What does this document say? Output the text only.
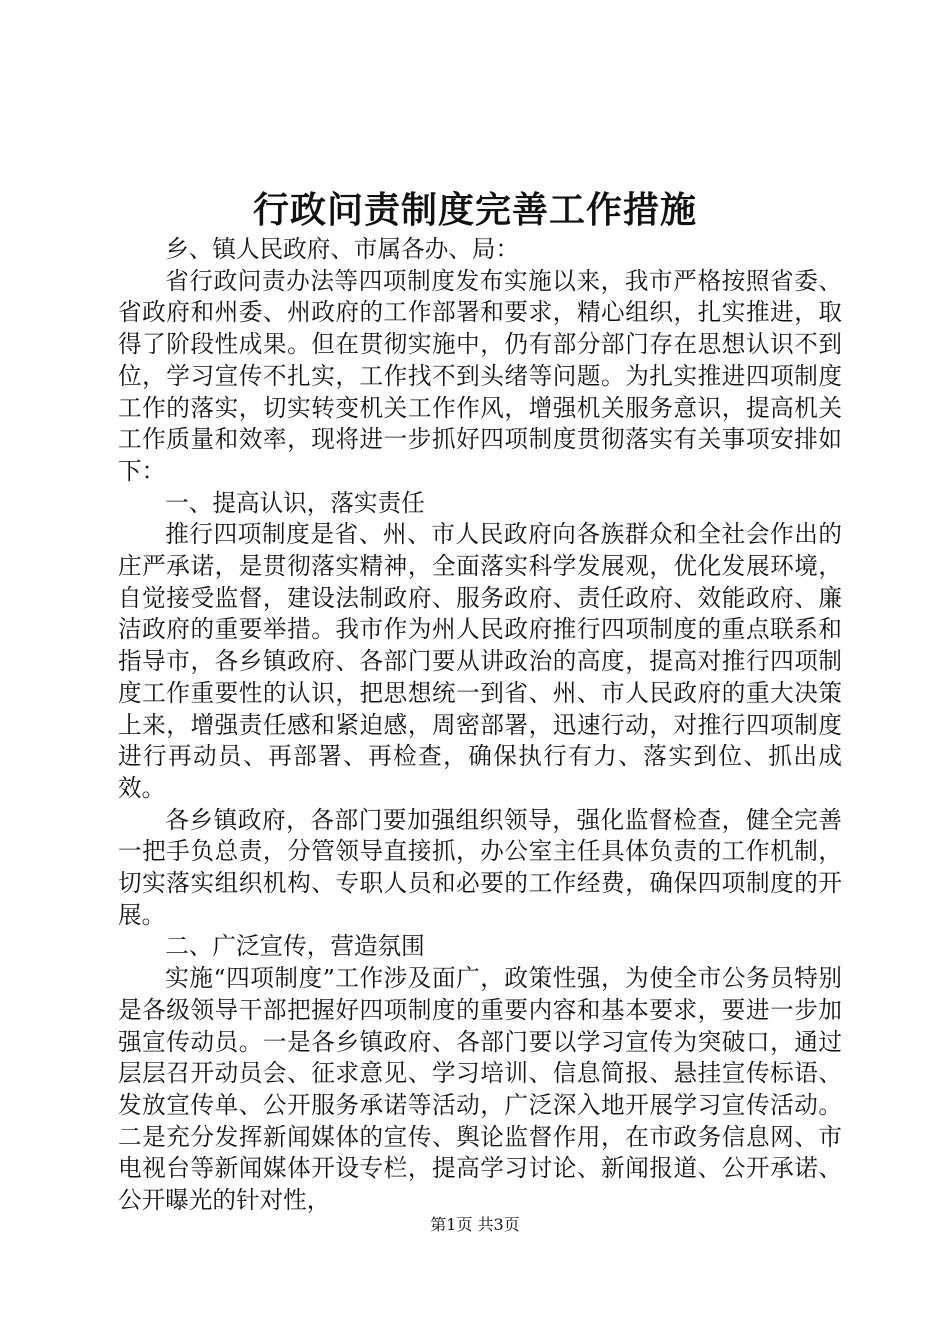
行政问责制度完善工作措施

乡、镇人民政府、市属各办、局：

省行政问责办法等四项制度发布实施以来，我市严格按照省委、省政府和州委、州政府的工作部署和要求，精心组织，扎实推进，取得了阶段性成果。但在贯彻实施中，仍有部分部门存在思想认识不到位，学习宣传不扎实，工作找不到头绪等问题。为扎实推进四项制度工作的落实，切实转变机关工作作风，增强机关服务意识，提高机关工作质量和效率，现将进一步抓好四项制度贯彻落实有关事项安排如下：

一、提高认识，落实责任

推行四项制度是省、州、市人民政府向各族群众和全社会作出的庄严承诺，是贯彻落实精神，全面落实科学发展观，优化发展环境，自觉接受监督，建设法制政府、服务政府、责任政府、效能政府、廉洁政府的重要举措。我市作为州人民政府推行四项制度的重点联系和指导市，各乡镇政府、各部门要从讲政治的高度，提高对推行四项制度工作重要性的认识，把思想统一到省、州、市人民政府的重大决策上来，增强责任感和紧迫感，周密部署，迅速行动，对推行四项制度进行再动员、再部署、再检查，确保执行有力、落实到位、抓出成效。

各乡镇政府，各部门要加强组织领导，强化监督检查，健全完善一把手负总责，分管领导直接抓，办公室主任具体负责的工作机制，切实落实组织机构、专职人员和必要的工作经费，确保四项制度的开展。

二、广泛宣传，营造氛围

实施“四项制度”工作涉及面广，政策性强，为使全市公务员特别是各级领导干部把握好四项制度的重要内容和基本要求，要进一步加强宣传动员。一是各乡镇政府、各部门要以学习宣传为突破口，通过层层召开动员会、征求意见、学习培训、信息简报、悬挂宣传标语、发放宣传单、公开服务承诺等活动，广泛深入地开展学习宣传活动。二是充分发挥新闻媒体的宣传、舆论监督作用，在市政务信息网、市电视台等新闻媒体开设专栏，提高学习讨论、新闻报道、公开承诺、公开曝光的针对性，

第1页 共3页
